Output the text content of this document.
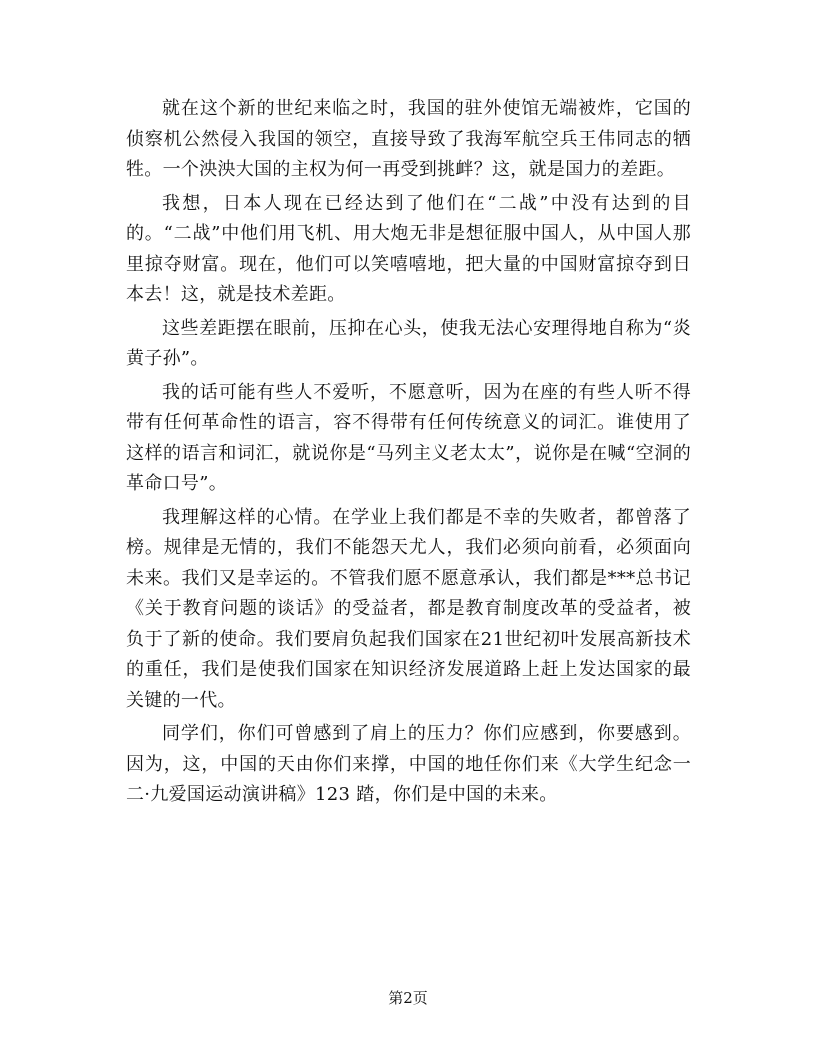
就在这个新的世纪来临之时，我国的驻外使馆无端被炸，它国的侦察机公然侵入我国的领空，直接导致了我海军航空兵王伟同志的牺牲。一个泱泱大国的主权为何一再受到挑衅？这，就是国力的差距。

我想，日本人现在已经达到了他们在“二战”中没有达到的目的。“二战”中他们用飞机、用大炮无非是想征服中国人，从中国人那里掠夺财富。现在，他们可以笑嘻嘻地，把大量的中国财富掠夺到日本去！这，就是技术差距。

这些差距摆在眼前，压抑在心头，使我无法心安理得地自称为“炎黄子孙”。

我的话可能有些人不爱听，不愿意听，因为在座的有些人听不得带有任何革命性的语言，容不得带有任何传统意义的词汇。谁使用了这样的语言和词汇，就说你是“马列主义老太太”，说你是在喊“空洞的革命口号”。

我理解这样的心情。在学业上我们都是不幸的失败者，都曾落了榜。规律是无情的，我们不能怨天尤人，我们必须向前看，必须面向未来。我们又是幸运的。不管我们愿不愿意承认，我们都是***总书记《关于教育问题的谈话》的受益者，都是教育制度改革的受益者，被负于了新的使命。我们要肩负起我们国家在21世纪初叶发展高新技术的重任，我们是使我们国家在知识经济发展道路上赶上发达国家的最关键的一代。

同学们，你们可曾感到了肩上的压力？你们应感到，你要感到。因为，这，中国的天由你们来撑，中国的地任你们来《大学生纪念一二·九爱国运动演讲稿》123 踏，你们是中国的未来。

第2页
